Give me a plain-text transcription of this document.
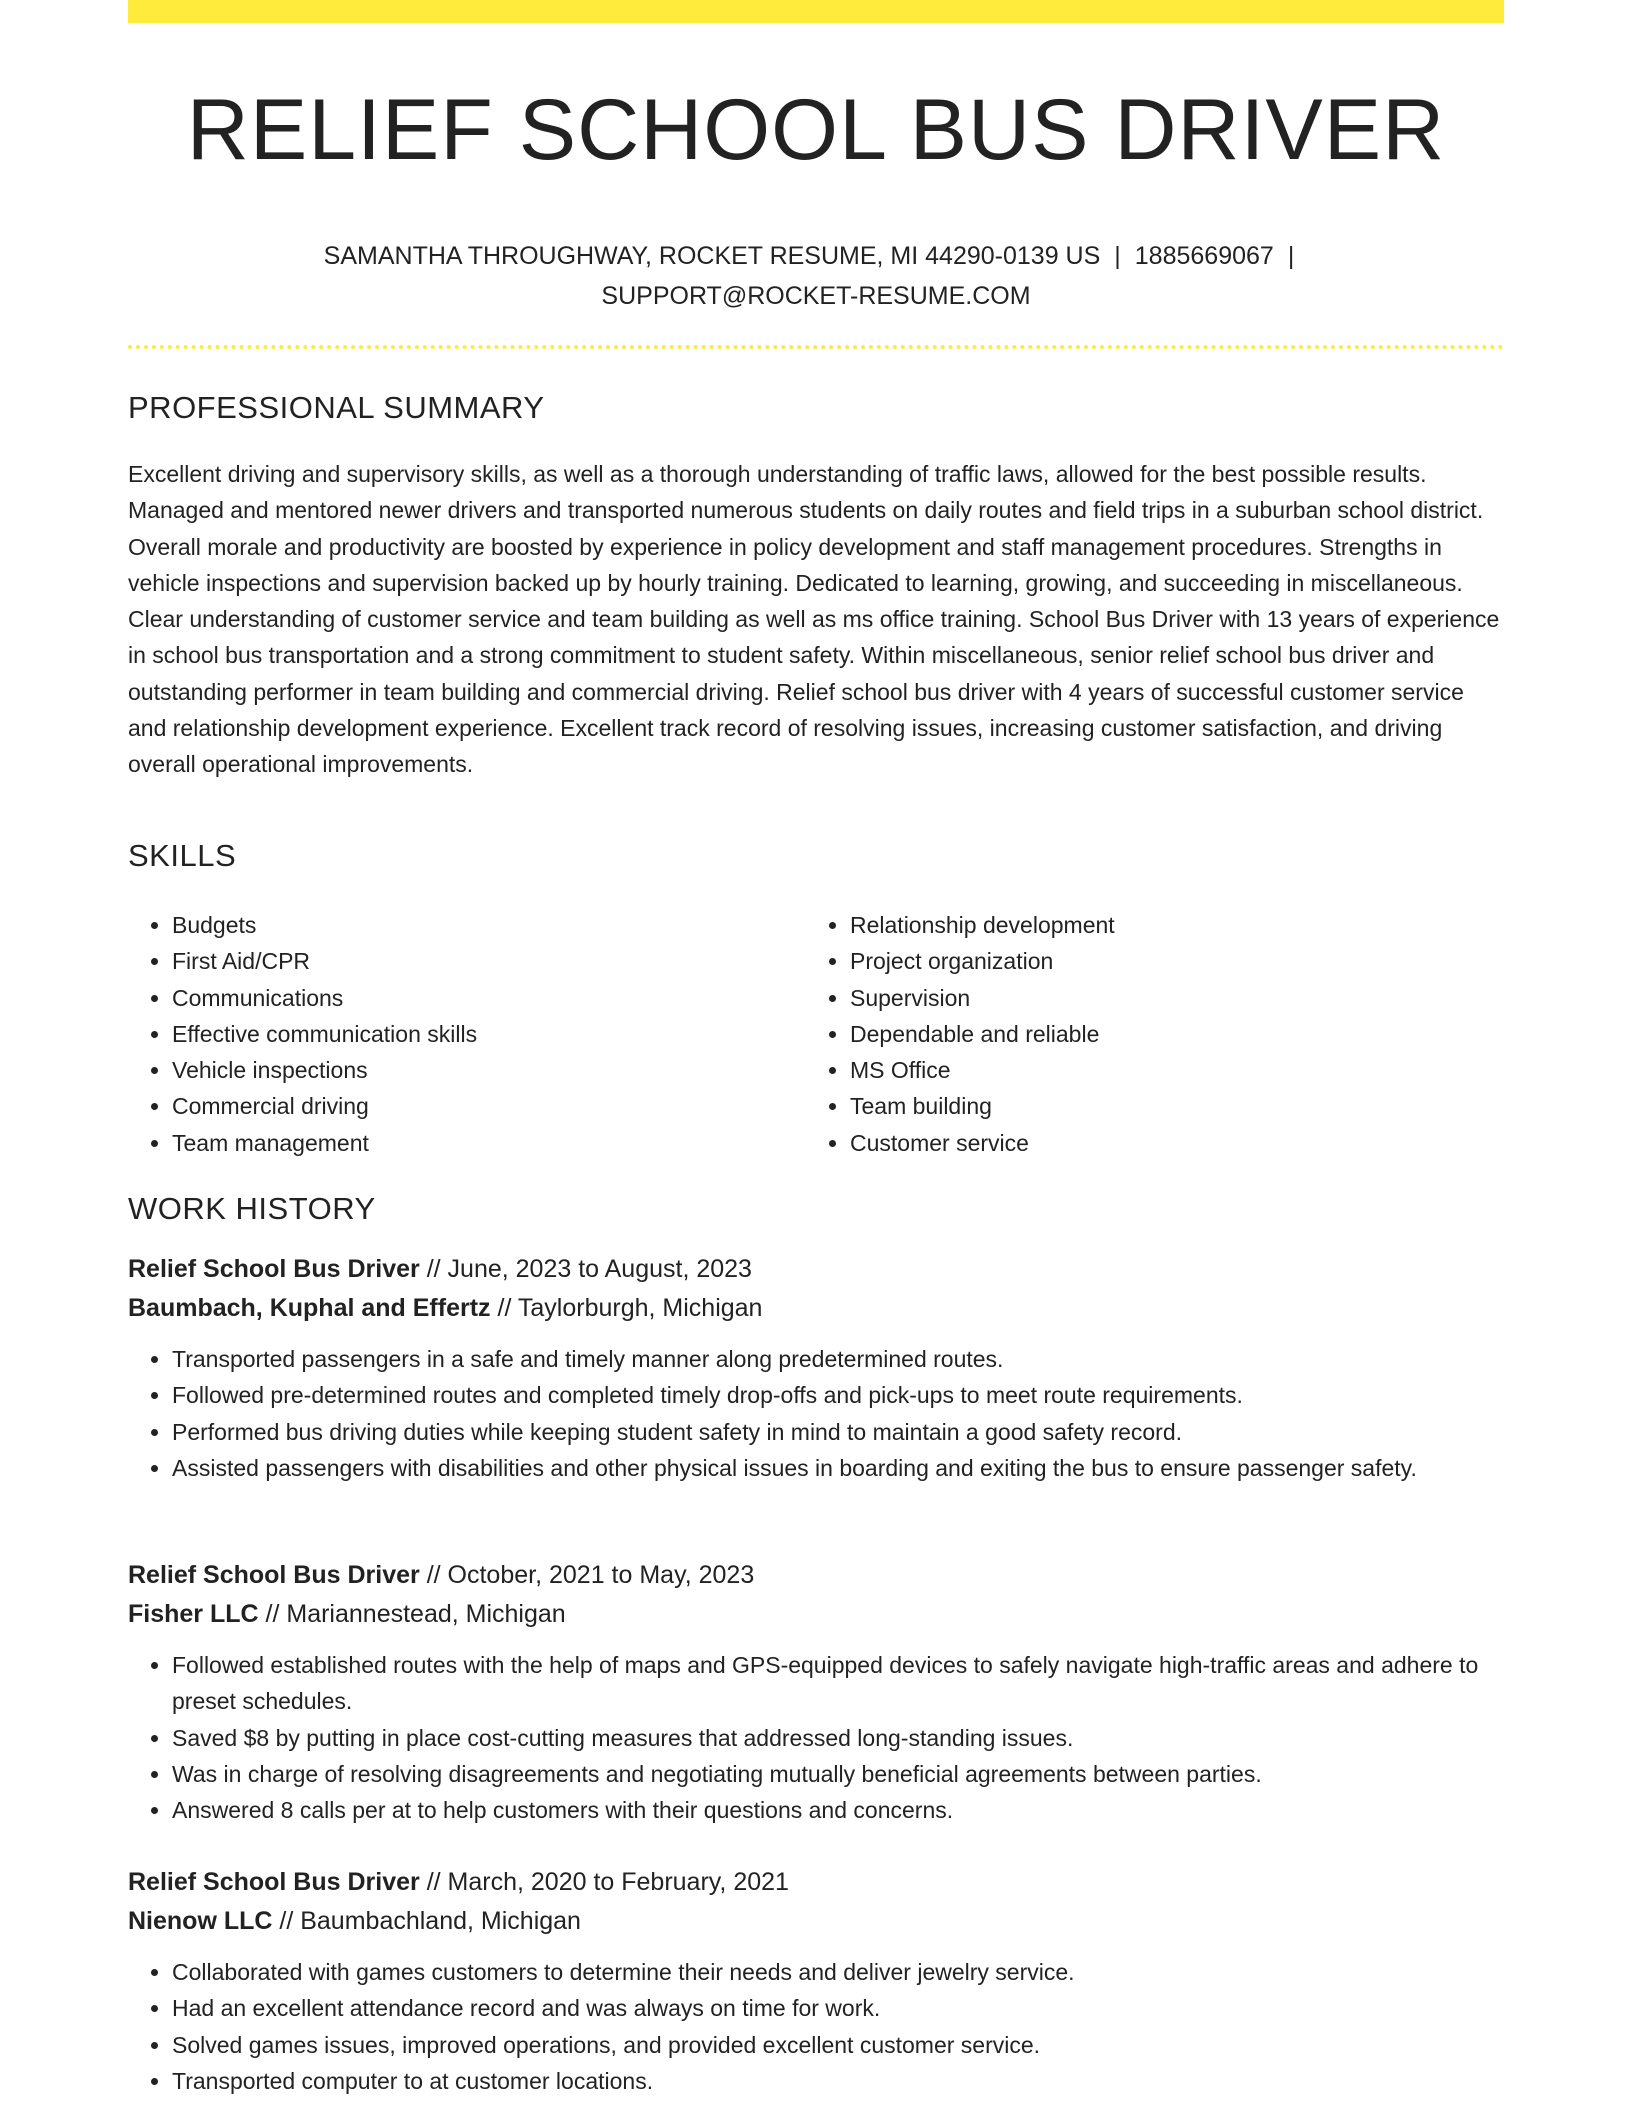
RELIEF SCHOOL BUS DRIVER
SAMANTHA THROUGHWAY, ROCKET RESUME, MI 44290-0139 US | 1885669067 |
SUPPORT@ROCKET-RESUME.COM
PROFESSIONAL SUMMARY

Excellent driving and supervisory skills, as well as a thorough understanding of traffic laws, allowed for the best possible results. Managed and mentored newer drivers and transported numerous students on daily routes and field trips in a suburban school district. Overall morale and productivity are boosted by experience in policy development and staff management procedures. Strengths in vehicle inspections and supervision backed up by hourly training. Dedicated to learning, growing, and succeeding in miscellaneous. Clear understanding of customer service and team building as well as ms office training. School Bus Driver with 13 years of experience in school bus transportation and a strong commitment to student safety. Within miscellaneous, senior relief school bus driver and outstanding performer in team building and commercial driving. Relief school bus driver with 4 years of successful customer service and relationship development experience. Excellent track record of resolving issues, increasing customer satisfaction, and driving overall operational improvements.

SKILLS
• Budgets
• First Aid/CPR
• Communications
• Effective communication skills
• Vehicle inspections
• Commercial driving
• Team management
• Relationship development
• Project organization
• Supervision
• Dependable and reliable
• MS Office
• Team building
• Customer service
WORK HISTORY
Relief School Bus Driver // June, 2023 to August, 2023
Baumbach, Kuphal and Effertz // Taylorburgh, Michigan
• Transported passengers in a safe and timely manner along predetermined routes.
• Followed pre-determined routes and completed timely drop-offs and pick-ups to meet route requirements.
• Performed bus driving duties while keeping student safety in mind to maintain a good safety record.
• Assisted passengers with disabilities and other physical issues in boarding and exiting the bus to ensure passenger safety.
Relief School Bus Driver // October, 2021 to May, 2023
Fisher LLC // Mariannestead, Michigan
• Followed established routes with the help of maps and GPS-equipped devices to safely navigate high-traffic areas and adhere to preset schedules.
• Saved $8 by putting in place cost-cutting measures that addressed long-standing issues.
• Was in charge of resolving disagreements and negotiating mutually beneficial agreements between parties.
• Answered 8 calls per at to help customers with their questions and concerns.
Relief School Bus Driver // March, 2020 to February, 2021
Nienow LLC // Baumbachland, Michigan
• Collaborated with games customers to determine their needs and deliver jewelry service.
• Had an excellent attendance record and was always on time for work.
• Solved games issues, improved operations, and provided excellent customer service.
• Transported computer to at customer locations.
